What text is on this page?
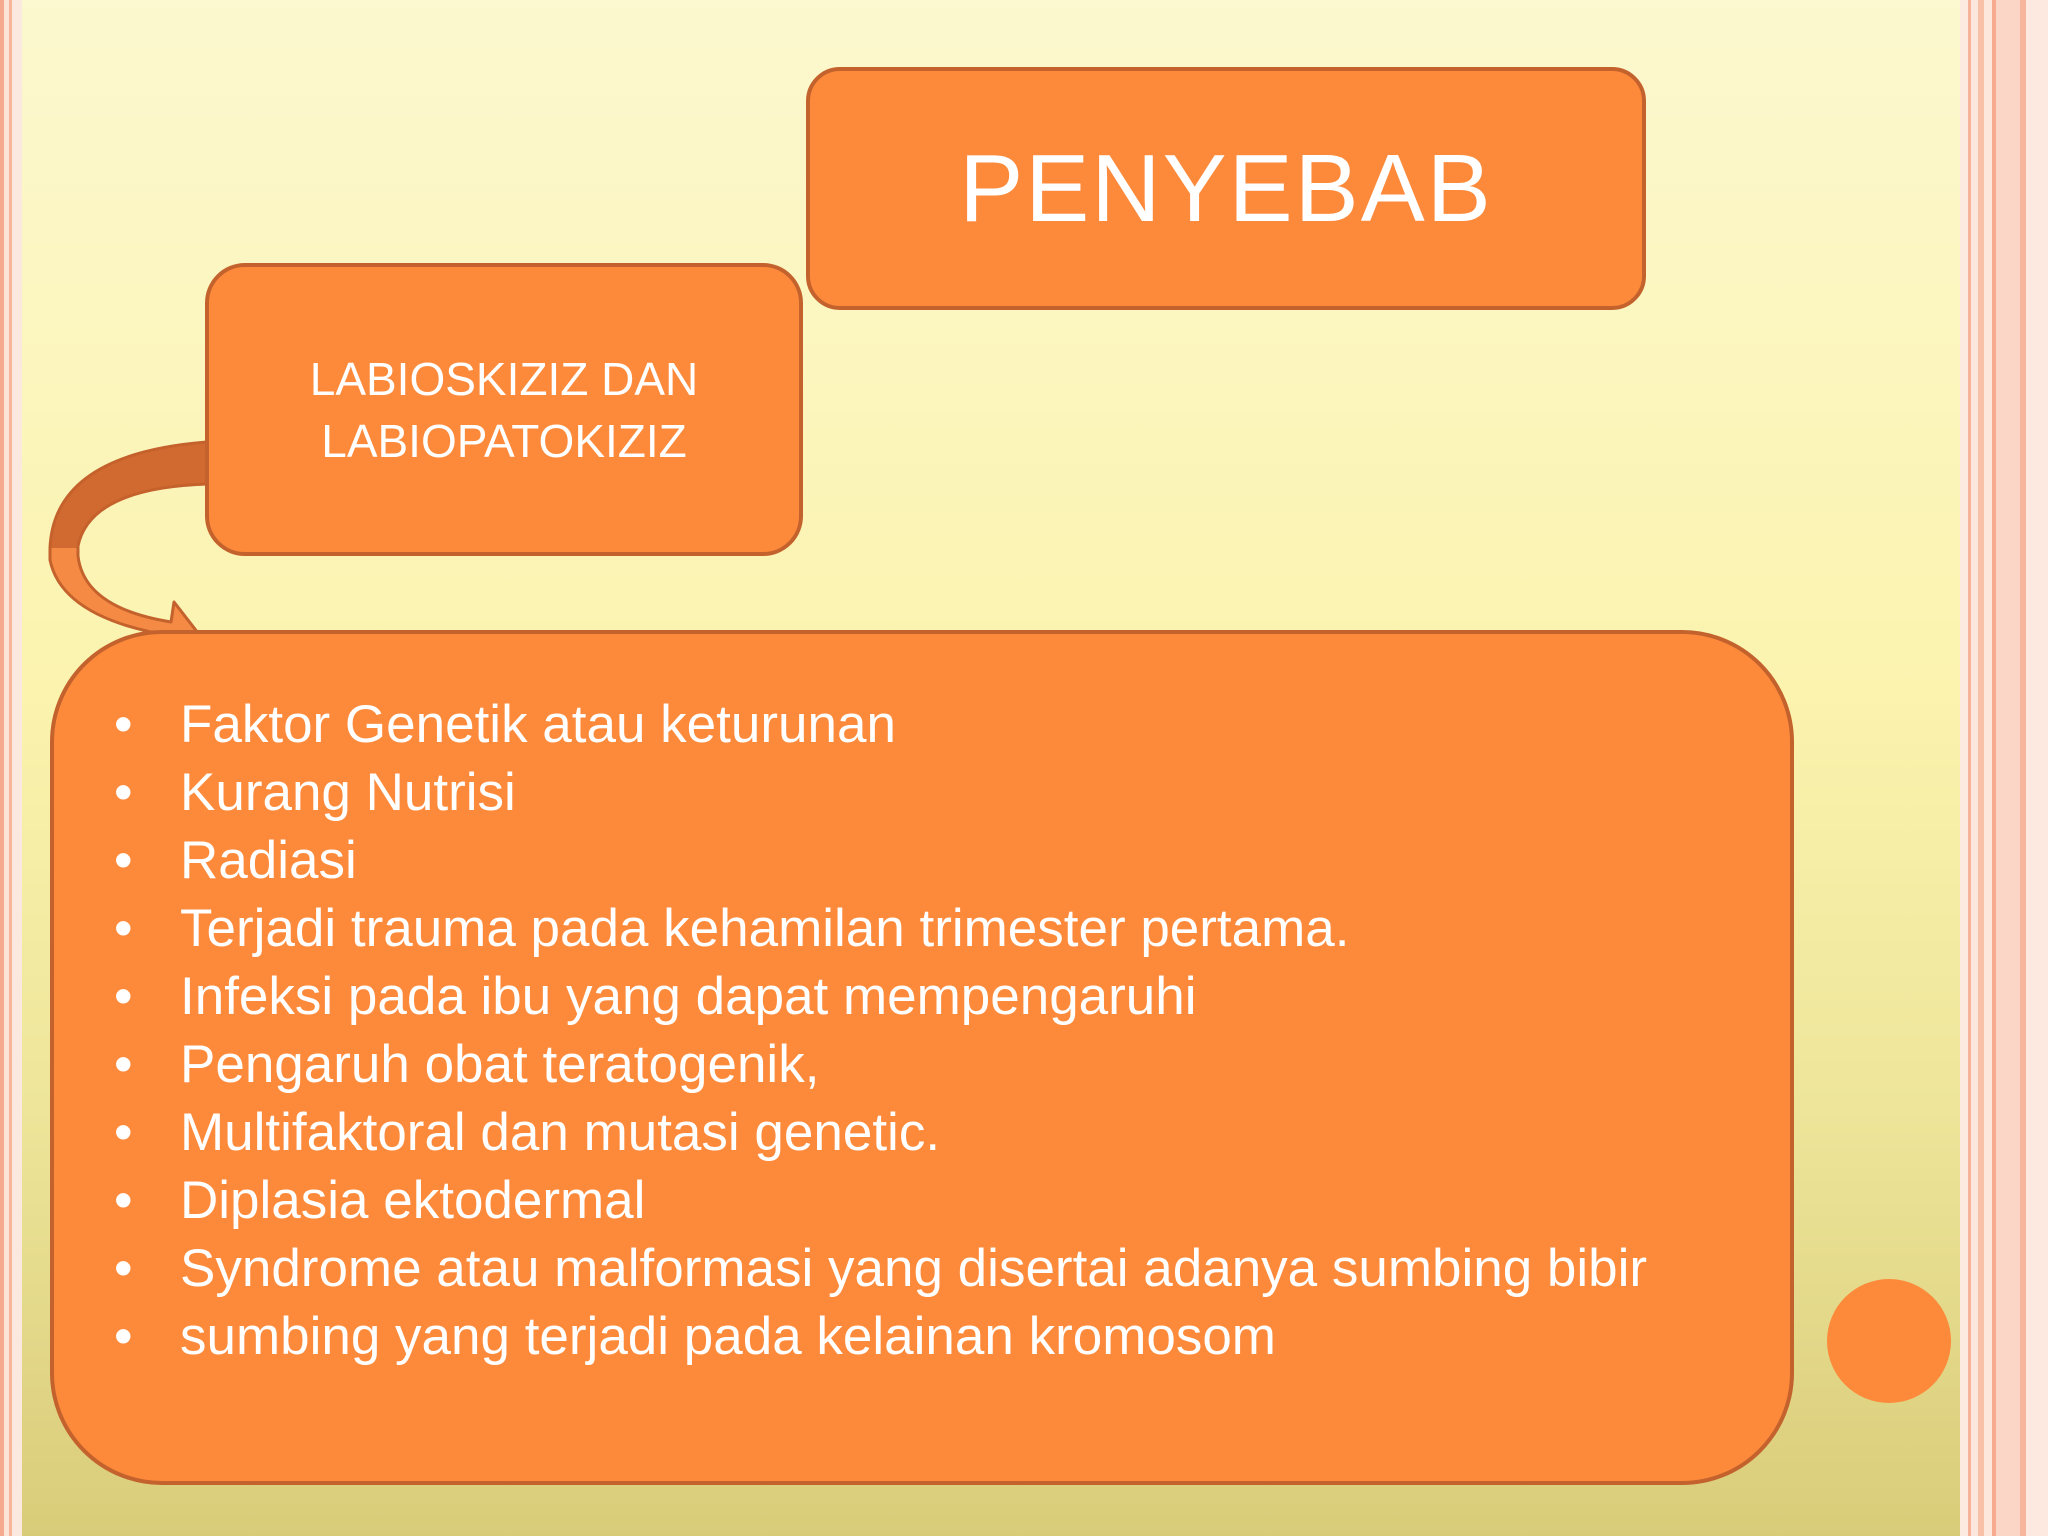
PENYEBAB
LABIOSKIZIZ DAN
LABIOPATOKIZIZ
• Faktor Genetik atau keturunan
• Kurang Nutrisi
• Radiasi
• Terjadi trauma pada kehamilan trimester pertama.
• Infeksi pada ibu yang dapat mempengaruhi
• Pengaruh obat teratogenik,
• Multifaktoral dan mutasi genetic.
• Diplasia ektodermal
• Syndrome atau malformasi yang disertai adanya sumbing bibir
• sumbing yang terjadi pada kelainan kromosom
